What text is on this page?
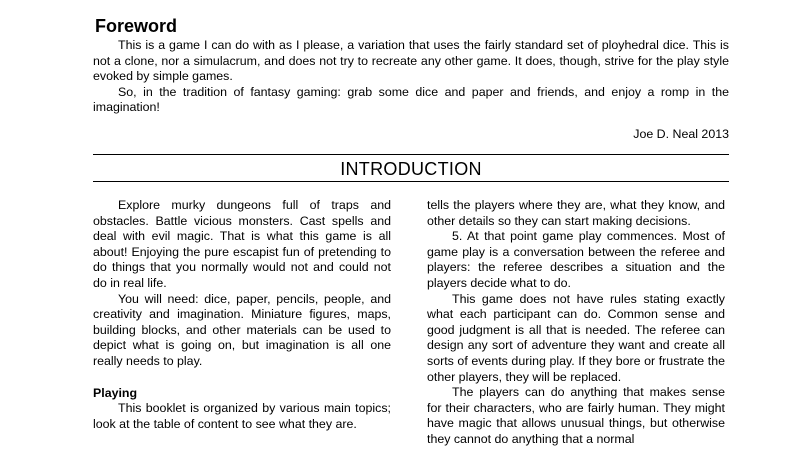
Foreword

This is a game I can do with as I please, a variation that uses the fairly standard set of ployhedral dice. This is not a clone, nor a simulacrum, and does not try to recreate any other game. It does, though, strive for the play style evoked by simple games.

So, in the tradition of fantasy gaming: grab some dice and paper and friends, and enjoy a romp in the imagination!

Joe D. Neal 2013
INTRODUCTION

Explore murky dungeons full of traps and obstacles. Battle vicious monsters. Cast spells and deal with evil magic. That is what this game is all about! Enjoying the pure escapist fun of pretending to do things that you normally would not and could not do in real life.

You will need: dice, paper, pencils, people, and creativity and imagination. Miniature figures, maps, building blocks, and other materials can be used to depict what is going on, but imagination is all one really needs to play.

Playing

This booklet is organized by various main topics; look at the table of content to see what they are.

tells the players where they are, what they know, and other details so they can start making decisions.

5. At that point game play commences. Most of game play is a conversation between the referee and players: the referee describes a situation and the players decide what to do.

This game does not have rules stating exactly what each participant can do. Common sense and good judgment is all that is needed. The referee can design any sort of adventure they want and create all sorts of events during play. If they bore or frustrate the other players, they will be replaced.

The players can do anything that makes sense for their characters, who are fairly human. They might have magic that allows unusual things, but otherwise they cannot do anything that a normal
